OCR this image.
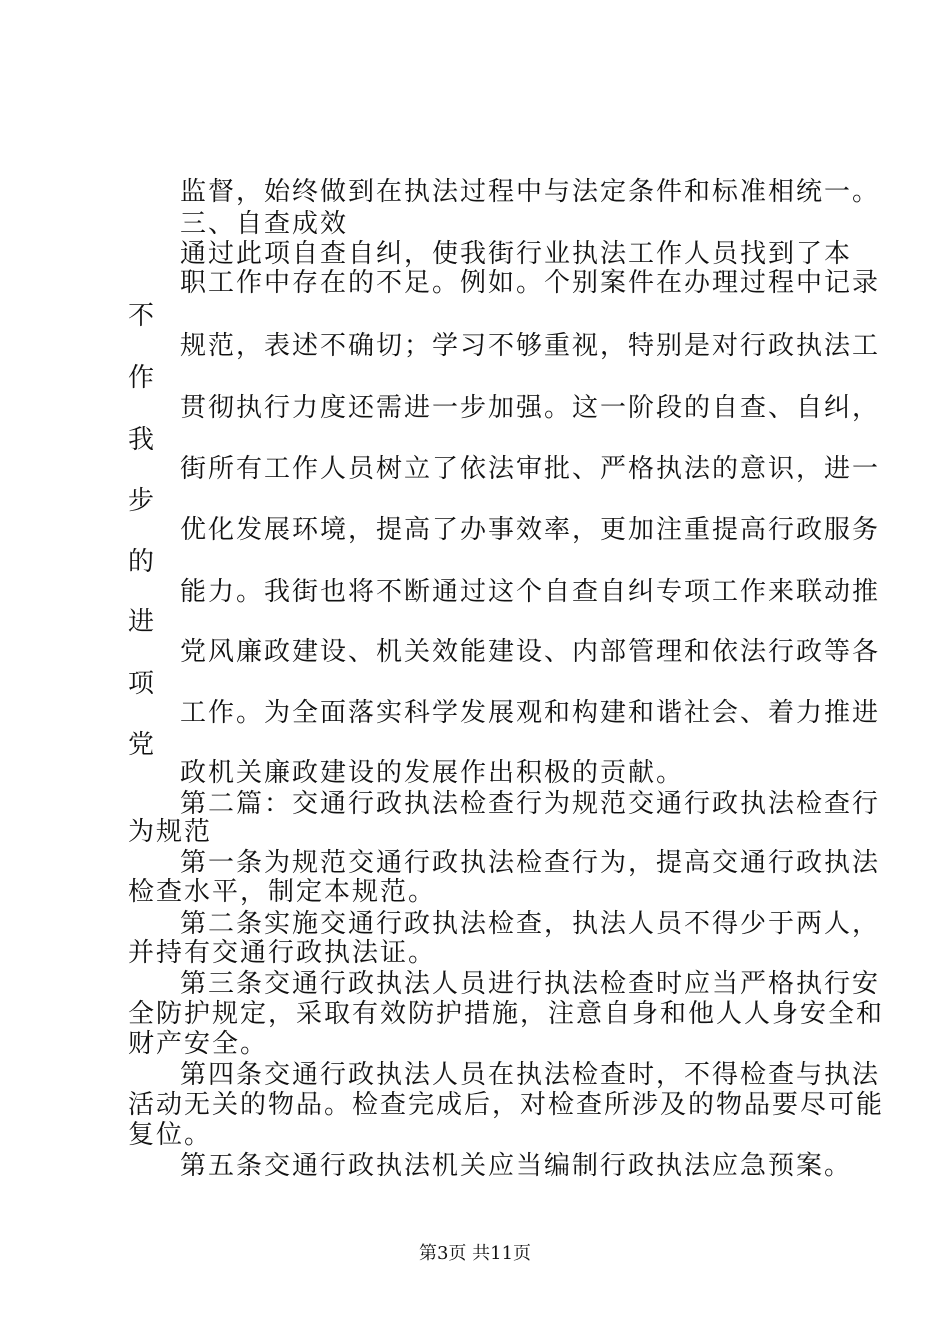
监督，始终做到在执法过程中与法定条件和标准相统一。
三、自查成效
通过此项自查自纠，使我街行业执法工作人员找到了本
职工作中存在的不足。例如。个别案件在办理过程中记录
不
规范，表述不确切；学习不够重视，特别是对行政执法工
作
贯彻执行力度还需进一步加强。这一阶段的自查、自纠，
我
街所有工作人员树立了依法审批、严格执法的意识，进一
步
优化发展环境，提高了办事效率，更加注重提高行政服务
的
能力。我街也将不断通过这个自查自纠专项工作来联动推
进
党风廉政建设、机关效能建设、内部管理和依法行政等各
项
工作。为全面落实科学发展观和构建和谐社会、着力推进
党
政机关廉政建设的发展作出积极的贡献。
第二篇：交通行政执法检查行为规范交通行政执法检查行
为规范
第一条为规范交通行政执法检查行为，提高交通行政执法
检查水平，制定本规范。
第二条实施交通行政执法检查，执法人员不得少于两人，
并持有交通行政执法证。
第三条交通行政执法人员进行执法检查时应当严格执行安
全防护规定，采取有效防护措施，注意自身和他人人身安全和
财产安全。
第四条交通行政执法人员在执法检查时，不得检查与执法
活动无关的物品。检查完成后，对检查所涉及的物品要尽可能
复位。
第五条交通行政执法机关应当编制行政执法应急预案。
第3页 共11页
